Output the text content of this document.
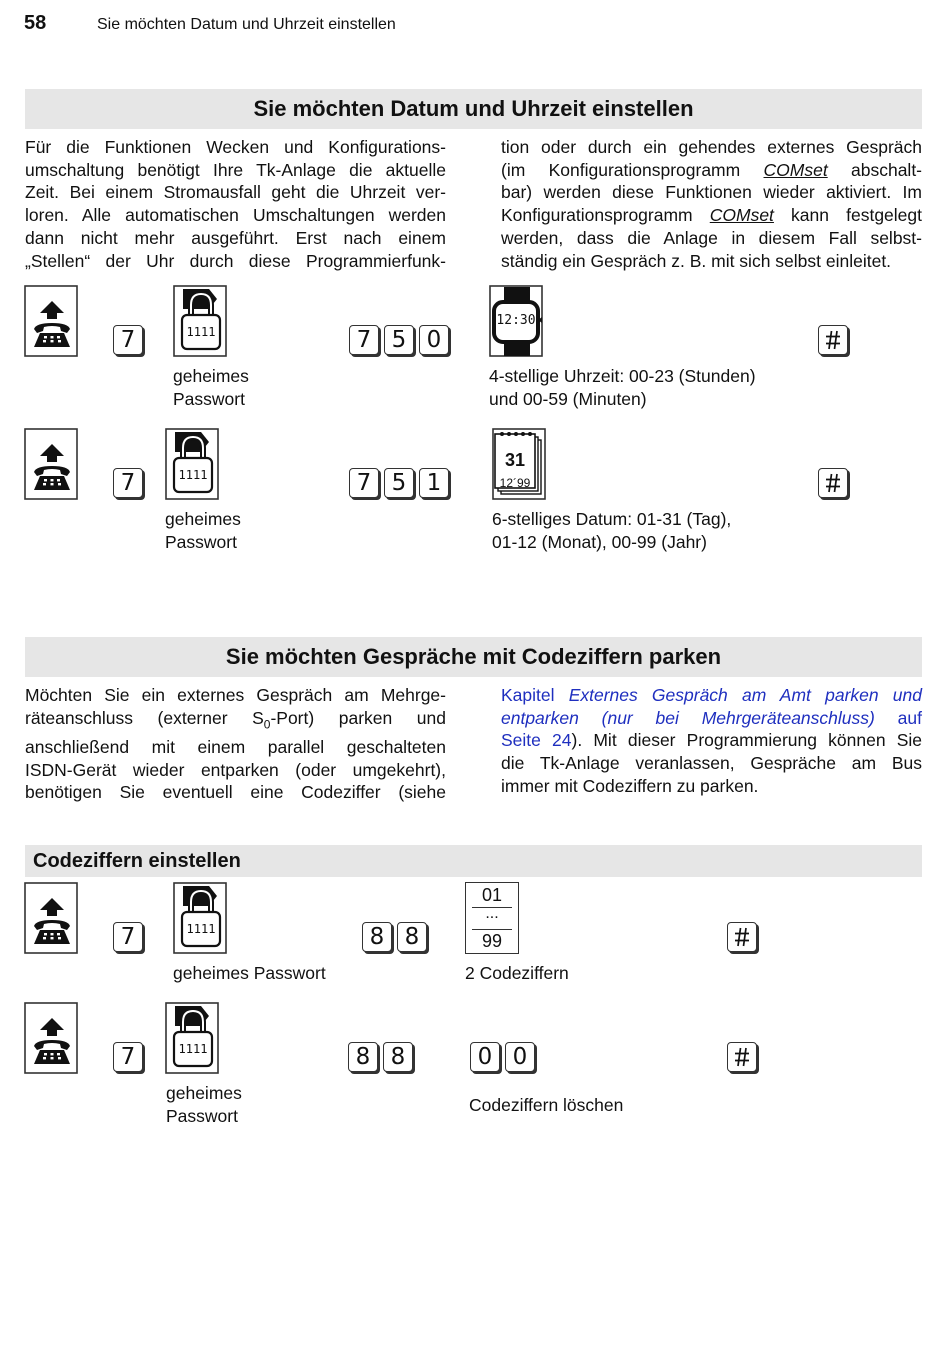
58	Sie möchten Datum und Uhrzeit einstellen
Sie möchten Datum und Uhrzeit einstellen
Für die Funktionen Wecken und Konfigurations-
umschaltung benötigt Ihre Tk-Anlage die aktuelle
Zeit. Bei einem Stromausfall geht die Uhrzeit ver-
loren. Alle automatischen Umschaltungen werden
dann nicht mehr ausgeführt. Erst nach einem
„Stellen“ der Uhr durch diese Programmierfunk-
tion oder durch ein gehendes externes Gespräch
(im Konfigurationsprogramm COMset abschalt-
bar) werden diese Funktionen wieder aktiviert. Im
Konfigurationsprogramm COMset kann festgelegt
werden, dass die Anlage in diesem Fall selbst-
ständig ein Gespräch z. B. mit sich selbst einleitet.
7	1111	7 5 0
12:30
geheimes
Passwort
4-stellige Uhrzeit: 00-23 (Stunden)
und 00-59 (Minuten)
7	1111	7 5 1
31
12´99
geheimes
Passwort
6-stelliges Datum: 01-31 (Tag),
01-12 (Monat), 00-99 (Jahr)
Sie möchten Gespräche mit Codeziffern parken
Möchten Sie ein externes Gespräch am Mehrge-
räteanschluss (externer $S_0-Port$) parken und
anschließend mit einem parallel geschalteten
ISDN-Gerät wieder entparken (oder umgekehrt),
benötigen Sie eventuell eine Codeziffer (siehe
Kapitel Externes Gespräch am Amt parken und
entparken (nur bei Mehrgeräteanschluss) auf
Seite 24). Mit dieser Programmierung können Sie
die Tk-Anlage veranlassen, Gespräche am Bus
immer mit Codeziffern zu parken.
Codeziffern einstellen
7	1111	8 8
01
...
99
geheimes Passwort	2 Codeziffern
7	1111	8 8	0 0
geheimes
Passwort
Codeziffern löschen
